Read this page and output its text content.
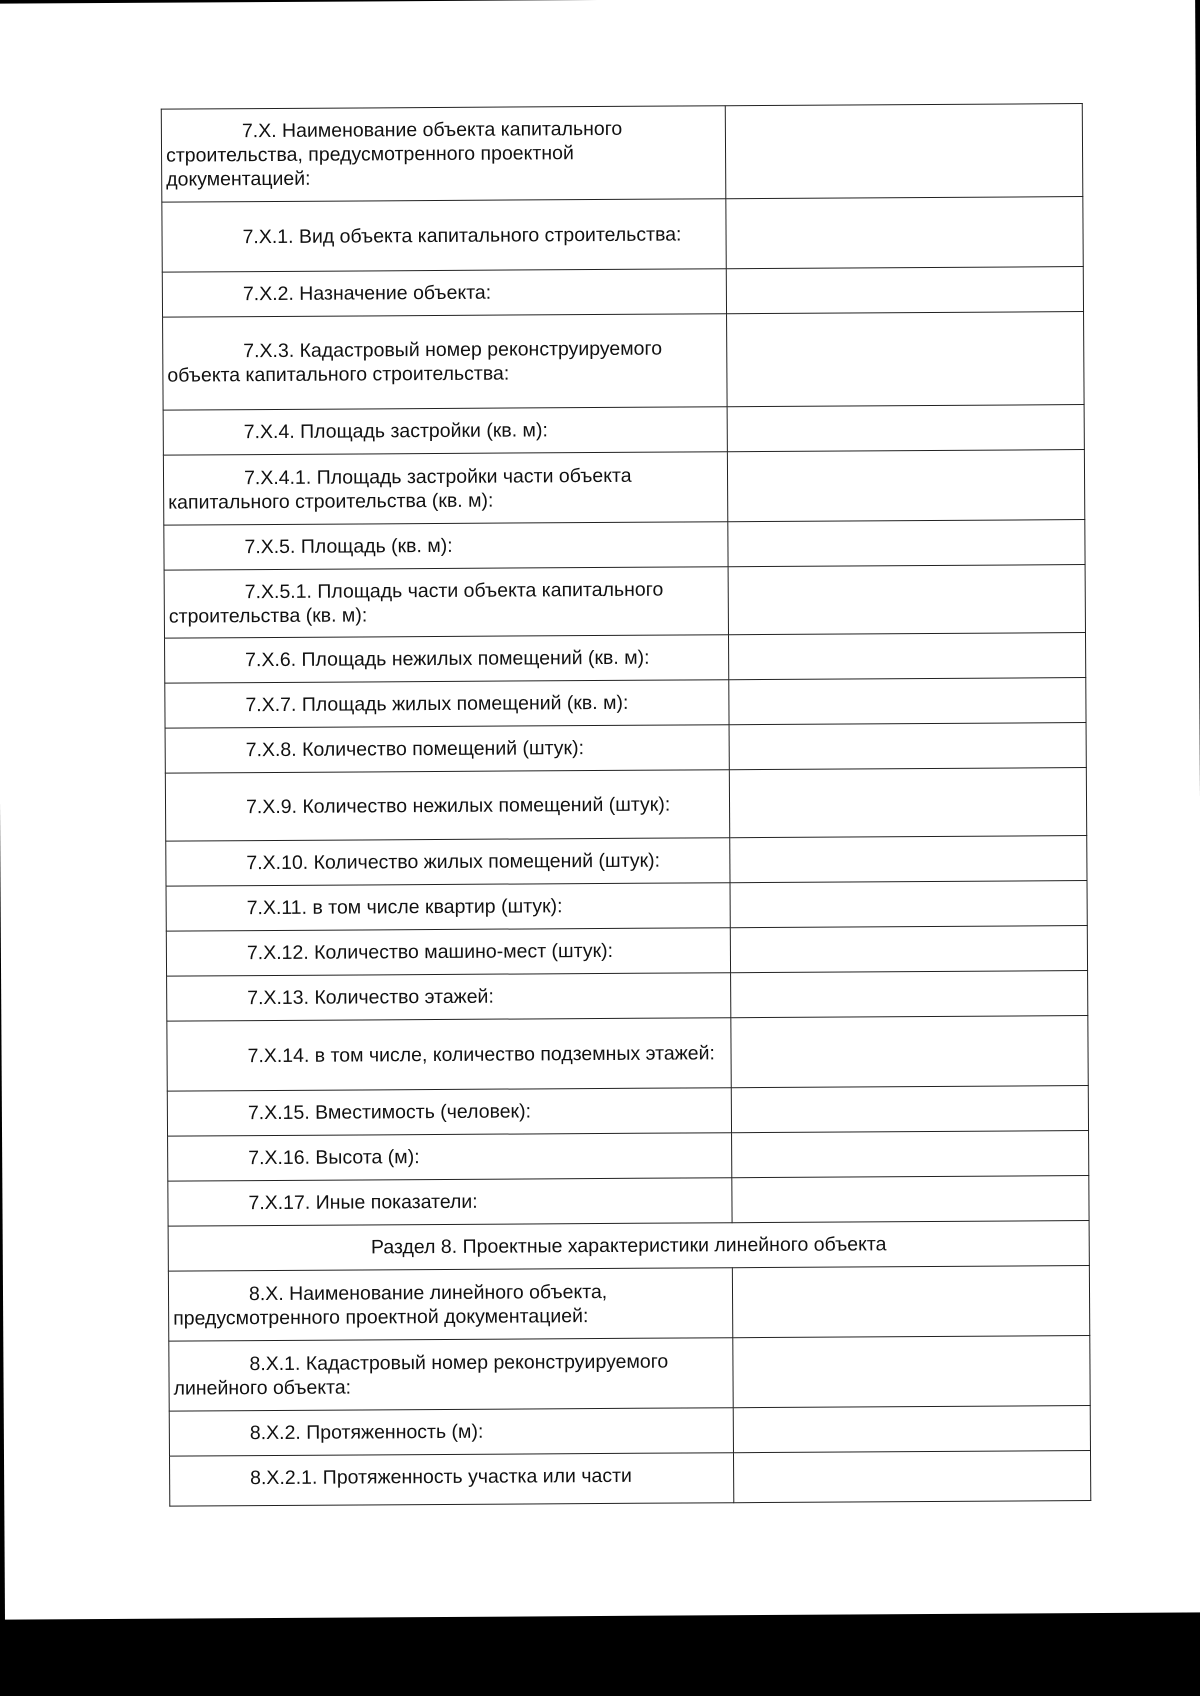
7.X. Наименование объекта капитального строительства, предусмотренного проектной документацией:	
7.X.1. Вид объекта капитального строительства:	
7.X.2. Назначение объекта:	
7.X.3. Кадастровый номер реконструируемого объекта капитального строительства:	
7.X.4. Площадь застройки (кв. м):	
7.X.4.1. Площадь застройки части объекта капитального строительства (кв. м):	
7.X.5. Площадь (кв. м):	
7.X.5.1. Площадь части объекта капитального строительства (кв. м):	
7.X.6. Площадь нежилых помещений (кв. м):	
7.X.7. Площадь жилых помещений (кв. м):	
7.X.8. Количество помещений (штук):	
7.X.9. Количество нежилых помещений (штук):	
7.X.10. Количество жилых помещений (штук):	
7.X.11. в том числе квартир (штук):	
7.X.12. Количество машино-мест (штук):	
7.X.13. Количество этажей:	
7.X.14. в том числе, количество подземных этажей:	
7.X.15. Вместимость (человек):	
7.X.16. Высота (м):	
7.X.17. Иные показатели:	
Раздел 8. Проектные характеристики линейного объекта	
8.X. Наименование линейного объекта, предусмотренного проектной документацией:	
8.X.1. Кадастровый номер реконструируемого линейного объекта:	
8.X.2. Протяженность (м):	
8.X.2.1. Протяженность участка или части	
